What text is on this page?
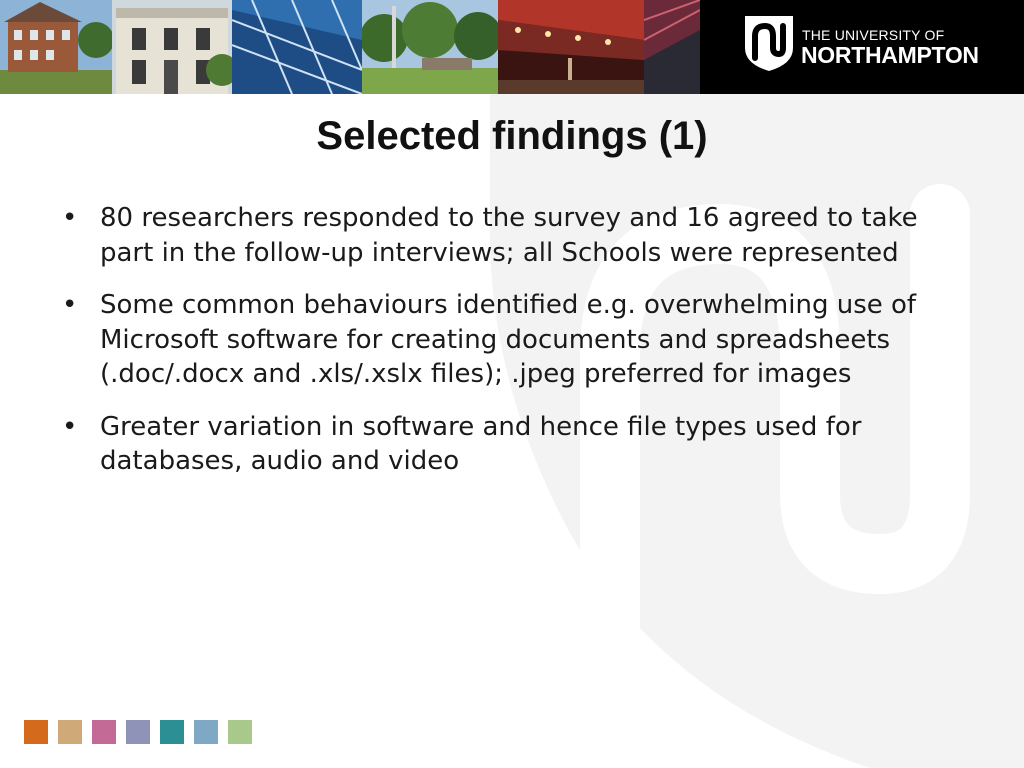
THE UNIVERSITY OF
NORTHAMPTON
Selected findings (1)
• 80 researchers responded to the survey and 16 agreed to take part in the follow-up interviews; all Schools were represented
• Some common behaviours identified e.g. overwhelming use of Microsoft software for creating documents and spreadsheets (.doc/.docx and .xls/.xslx files); .jpeg preferred for images
• Greater variation in software and hence file types used for databases, audio and video
